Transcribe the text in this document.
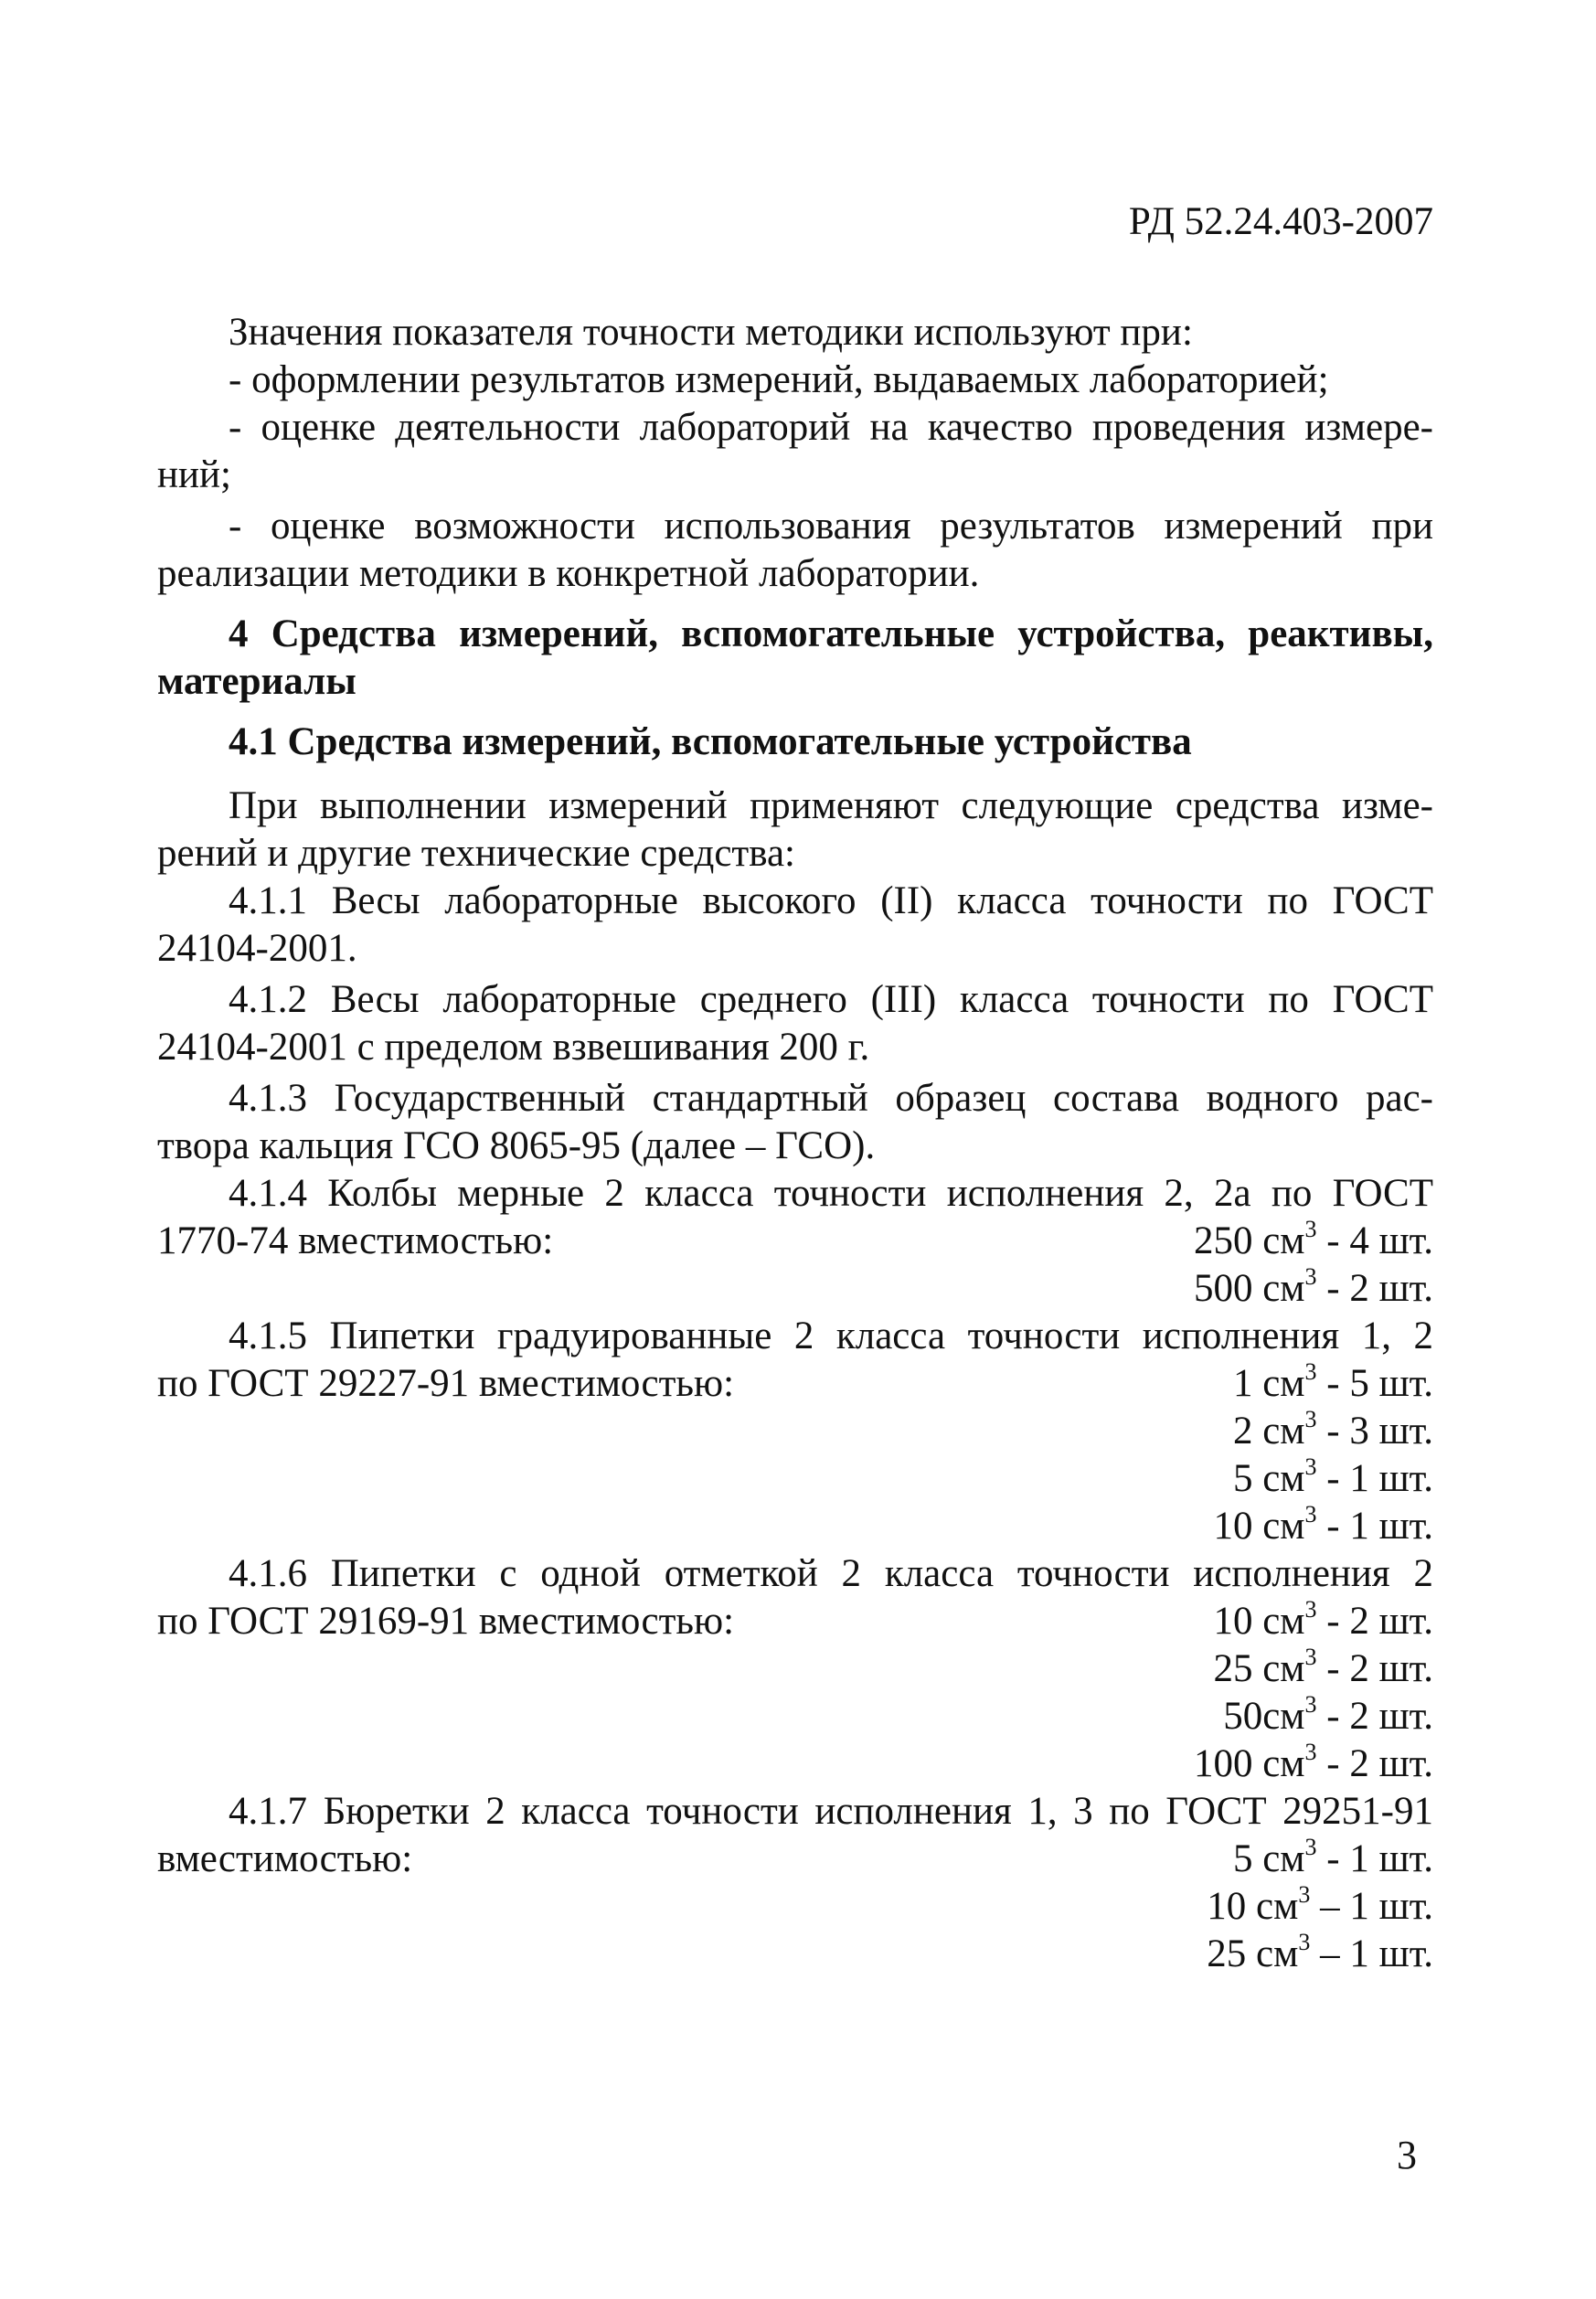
РД 52.24.403-2007
Значения показателя точности методики используют при:
- оформлении результатов измерений, выдаваемых лабораторией;
- оценке деятельности лабораторий на качество проведения измере-
ний;
- оценке возможности использования результатов измерений при
реализации методики в конкретной лаборатории.
4 Средства измерений, вспомогательные устройства, реактивы,
материалы
4.1 Средства измерений, вспомогательные устройства
При выполнении измерений применяют следующие средства изме-
рений и другие технические средства:
4.1.1 Весы лабораторные высокого (II) класса точности по ГОСТ
24104-2001.
4.1.2 Весы лабораторные среднего (III) класса точности по ГОСТ
24104-2001 с пределом взвешивания 200 г.
4.1.3 Государственный стандартный образец состава водного рас-
твора кальция ГСО 8065-95 (далее – ГСО).
4.1.4 Колбы мерные 2 класса точности исполнения 2, 2а по ГОСТ
1770-74 вместимостью:	250 $см^3 - 4$ шт.
500 $см^3 - 2$ шт.
4.1.5 Пипетки градуированные 2 класса точности исполнения 1, 2
по ГОСТ 29227-91 вместимостью:	1 $см^3 - 5$ шт.
2 $см^3 - 3$ шт.
5 $см^3 - 1$ шт.
10 $см^3 - 1$ шт.
4.1.6 Пипетки с одной отметкой 2 класса точности исполнения 2
по ГОСТ 29169-91 вместимостью:	10 $см^3 - 2$ шт.
25 $см^3 - 2$ шт.
$50см^3 - 2$ шт.
100 $см^3 - 2$ шт.
4.1.7 Бюретки 2 класса точности исполнения 1, 3 по ГОСТ 29251-91
вместимостью:	5 $см^3 - 1$ шт.
10 $см^3 - 1$ шт.
25 $см^3 - 1$ шт.
3
